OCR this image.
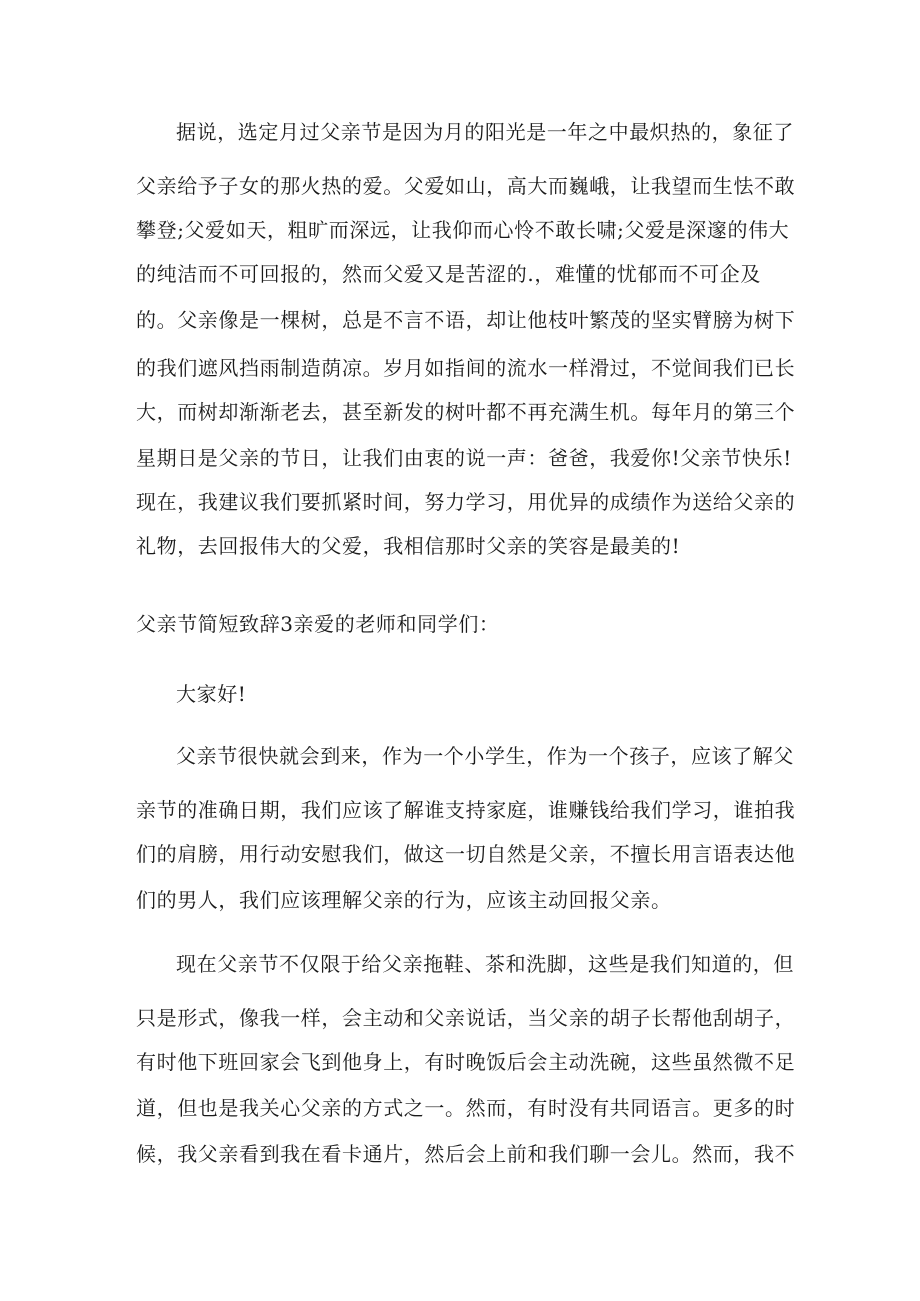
据说，选定月过父亲节是因为月的阳光是一年之中最炽热的，象征了
父亲给予子女的那火热的爱。父爱如山，高大而巍峨，让我望而生怯不敢
攀登;父爱如天，粗旷而深远，让我仰而心怜不敢长啸;父爱是深邃的伟大
的纯洁而不可回报的，然而父爱又是苦涩的.，难懂的忧郁而不可企及
的。父亲像是一棵树，总是不言不语，却让他枝叶繁茂的坚实臂膀为树下
的我们遮风挡雨制造荫凉。岁月如指间的流水一样滑过，不觉间我们已长
大，而树却渐渐老去，甚至新发的树叶都不再充满生机。每年月的第三个
星期日是父亲的节日，让我们由衷的说一声：爸爸，我爱你!父亲节快乐!
现在，我建议我们要抓紧时间，努力学习，用优异的成绩作为送给父亲的
礼物，去回报伟大的父爱，我相信那时父亲的笑容是最美的!
父亲节简短致辞3亲爱的老师和同学们：
大家好!
父亲节很快就会到来，作为一个小学生，作为一个孩子，应该了解父
亲节的准确日期，我们应该了解谁支持家庭，谁赚钱给我们学习，谁拍我
们的肩膀，用行动安慰我们，做这一切自然是父亲，不擅长用言语表达他
们的男人，我们应该理解父亲的行为，应该主动回报父亲。
现在父亲节不仅限于给父亲拖鞋、茶和洗脚，这些是我们知道的，但
只是形式，像我一样，会主动和父亲说话，当父亲的胡子长帮他刮胡子，
有时他下班回家会飞到他身上，有时晚饭后会主动洗碗，这些虽然微不足
道，但也是我关心父亲的方式之一。然而，有时没有共同语言。更多的时
候，我父亲看到我在看卡通片，然后会上前和我们聊一会儿。然而，我不
